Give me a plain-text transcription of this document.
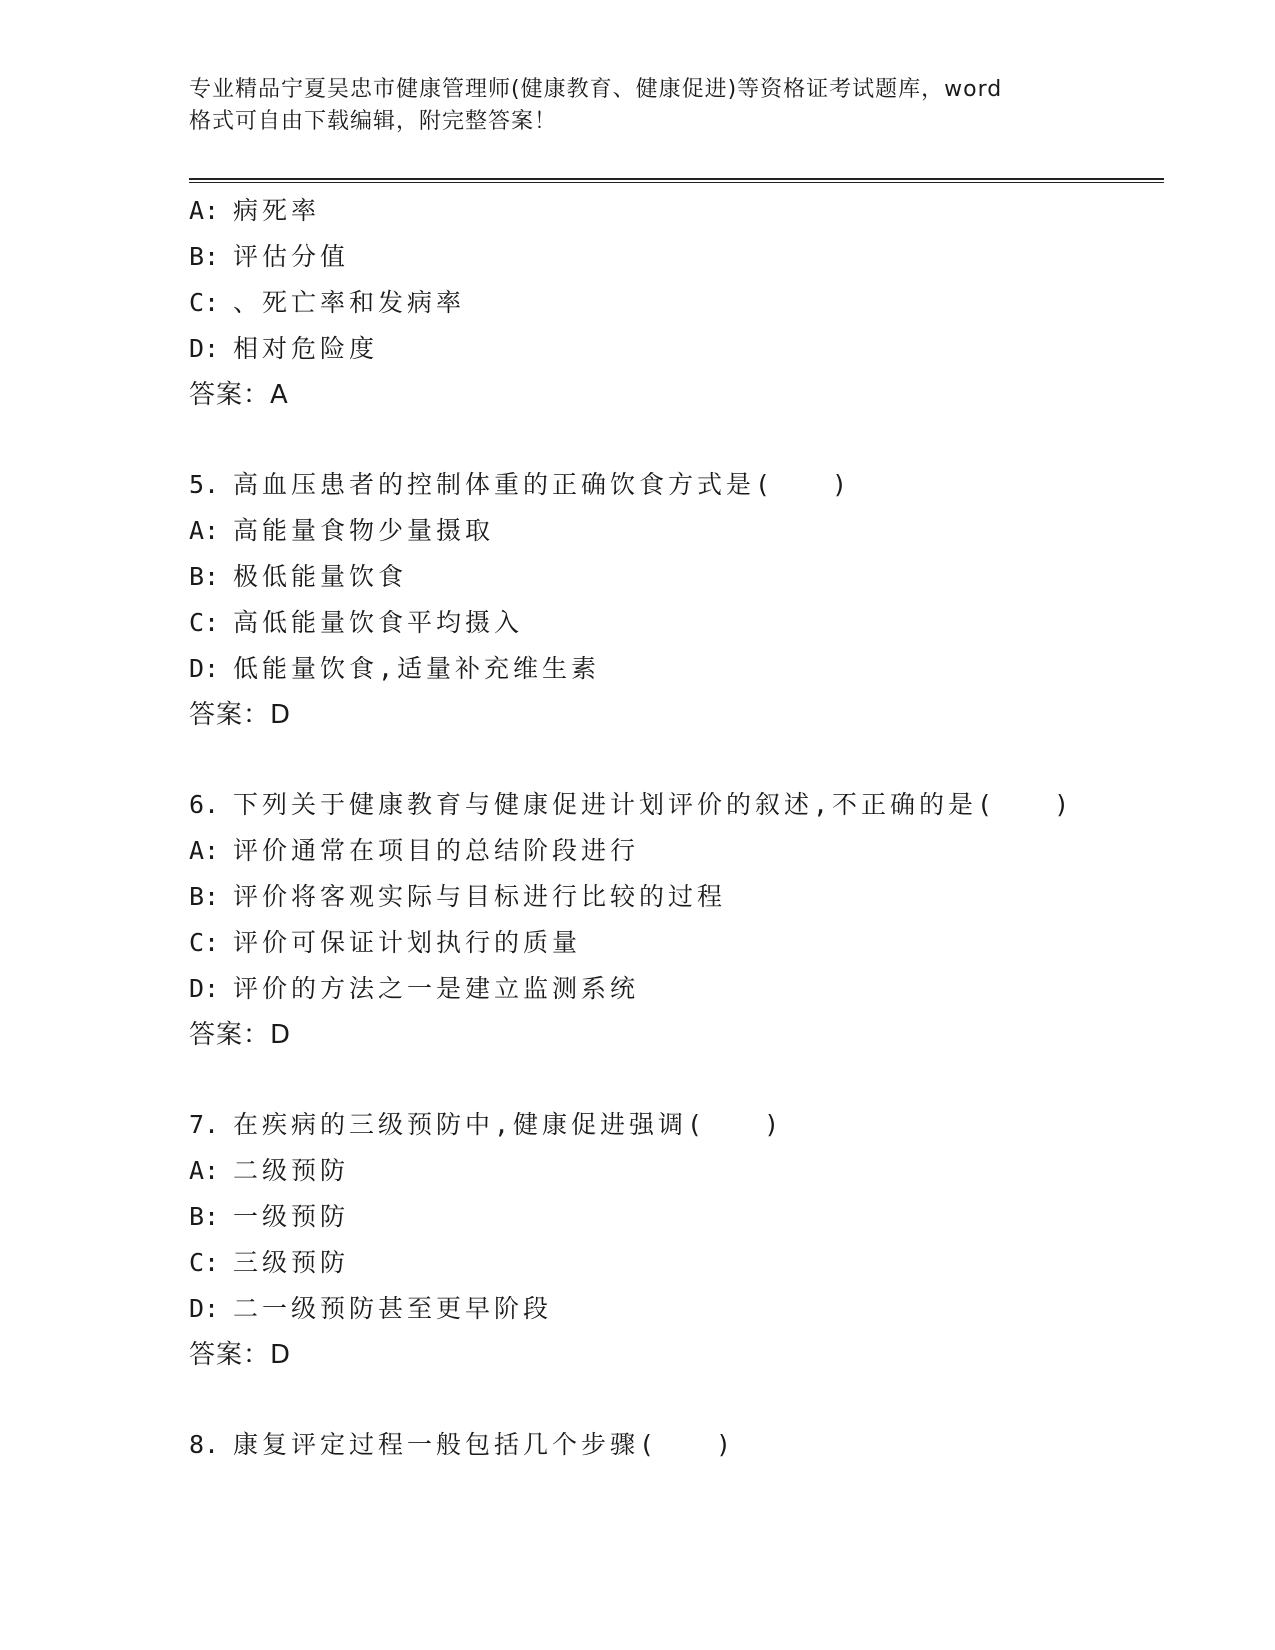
专业精品宁夏吴忠市健康管理师(健康教育、健康促进)等资格证考试题库，word
格式可自由下载编辑，附完整答案！
A: 病死率
B: 评估分值
C: 、死亡率和发病率
D: 相对危险度
答案：A
5. 高血压患者的控制体重的正确饮食方式是(　　)
A: 高能量食物少量摄取
B: 极低能量饮食
C: 高低能量饮食平均摄入
D: 低能量饮食,适量补充维生素
答案：D
6. 下列关于健康教育与健康促进计划评价的叙述,不正确的是(　　)
A: 评价通常在项目的总结阶段进行
B: 评价将客观实际与目标进行比较的过程
C: 评价可保证计划执行的质量
D: 评价的方法之一是建立监测系统
答案：D
7. 在疾病的三级预防中,健康促进强调(　　)
A: 二级预防
B: 一级预防
C: 三级预防
D: 二一级预防甚至更早阶段
答案：D
8. 康复评定过程一般包括几个步骤(　　)
